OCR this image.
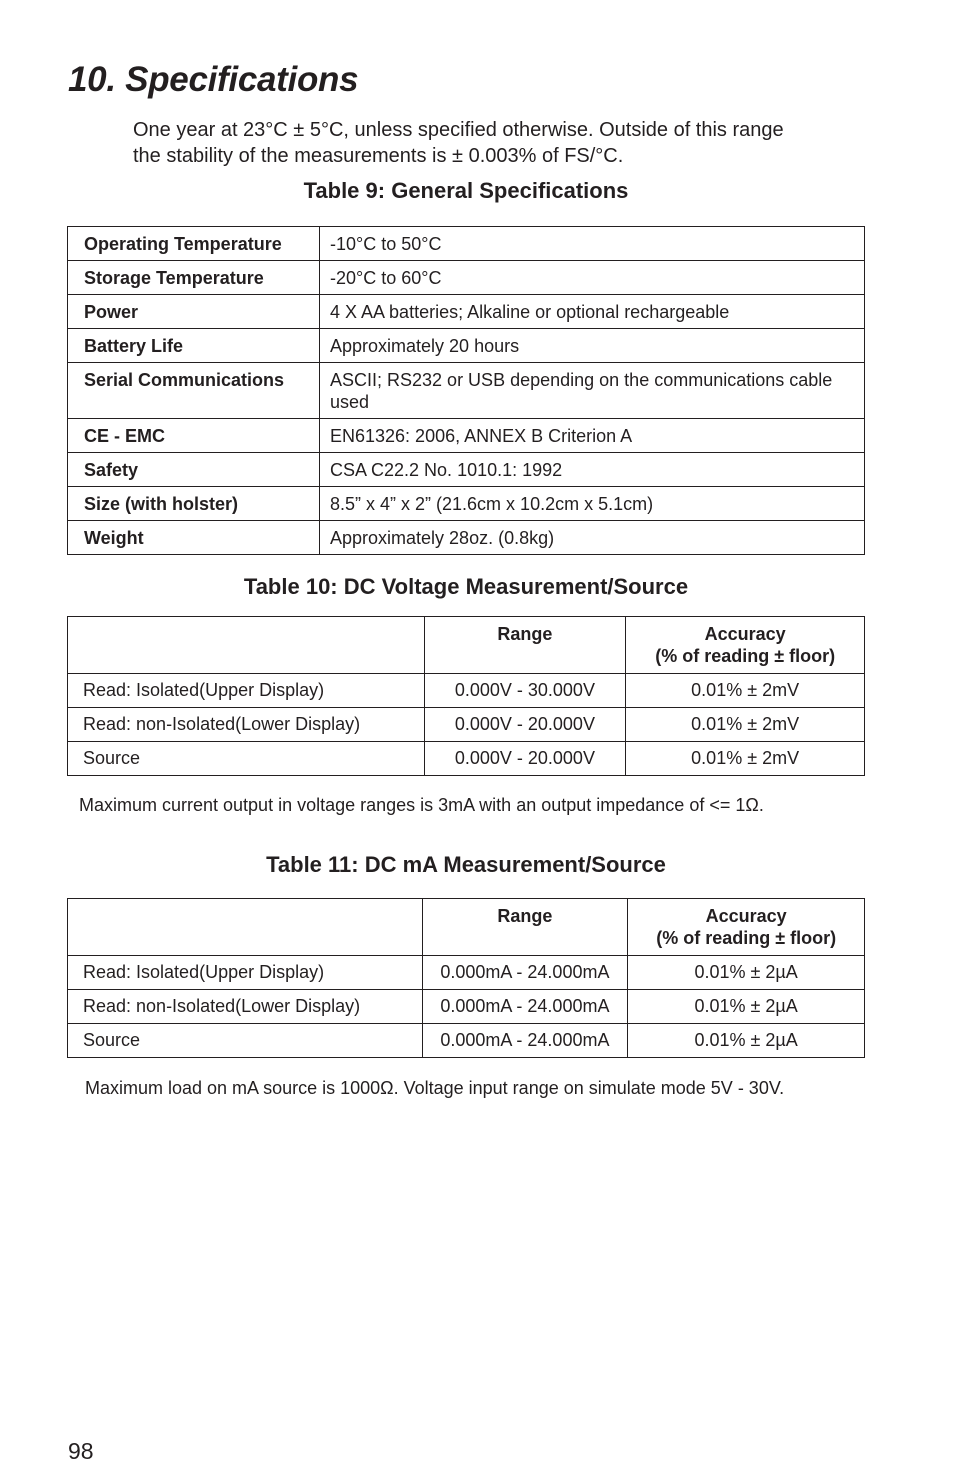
10. Specifications
One year at 23°C ± 5°C, unless specified otherwise. Outside of this range
the stability of the measurements is ± 0.003% of FS/°C.
Table 9: General Specifications
Operating Temperature	-10°C to 50°C
Storage Temperature	-20°C to 60°C
Power	4 X AA batteries; Alkaline or optional rechargeable
Battery Life	Approximately 20 hours
Serial Communications	ASCII; RS232 or USB depending on the communications cable used
CE - EMC	EN61326: 2006, ANNEX B Criterion A
Safety	CSA C22.2 No. 1010.1: 1992
Size (with holster)	8.5” x 4” x 2” (21.6cm x 10.2cm x 5.1cm)
Weight	Approximately 28oz. (0.8kg)
Table 10: DC Voltage Measurement/Source
	Range	Accuracy
(% of reading ± floor)

Read: Isolated(Upper Display)	0.000V - 30.000V	0.01% ± 2mV
Read: non-Isolated(Lower Display)	0.000V - 20.000V	0.01% ± 2mV
Source	0.000V - 20.000V	0.01% ± 2mV

Maximum current output in voltage ranges is 3mA with an output impedance of <= 1Ω.

Table 11: DC mA Measurement/Source
	Range	Accuracy
(% of reading ± floor)

Read: Isolated(Upper Display)	0.000mA - 24.000mA	0.01% ± 2µA
Read: non-Isolated(Lower Display)	0.000mA - 24.000mA	0.01% ± 2µA
Source	0.000mA - 24.000mA	0.01% ± 2µA

Maximum load on mA source is 1000Ω. Voltage input range on simulate mode 5V - 30V.

98
